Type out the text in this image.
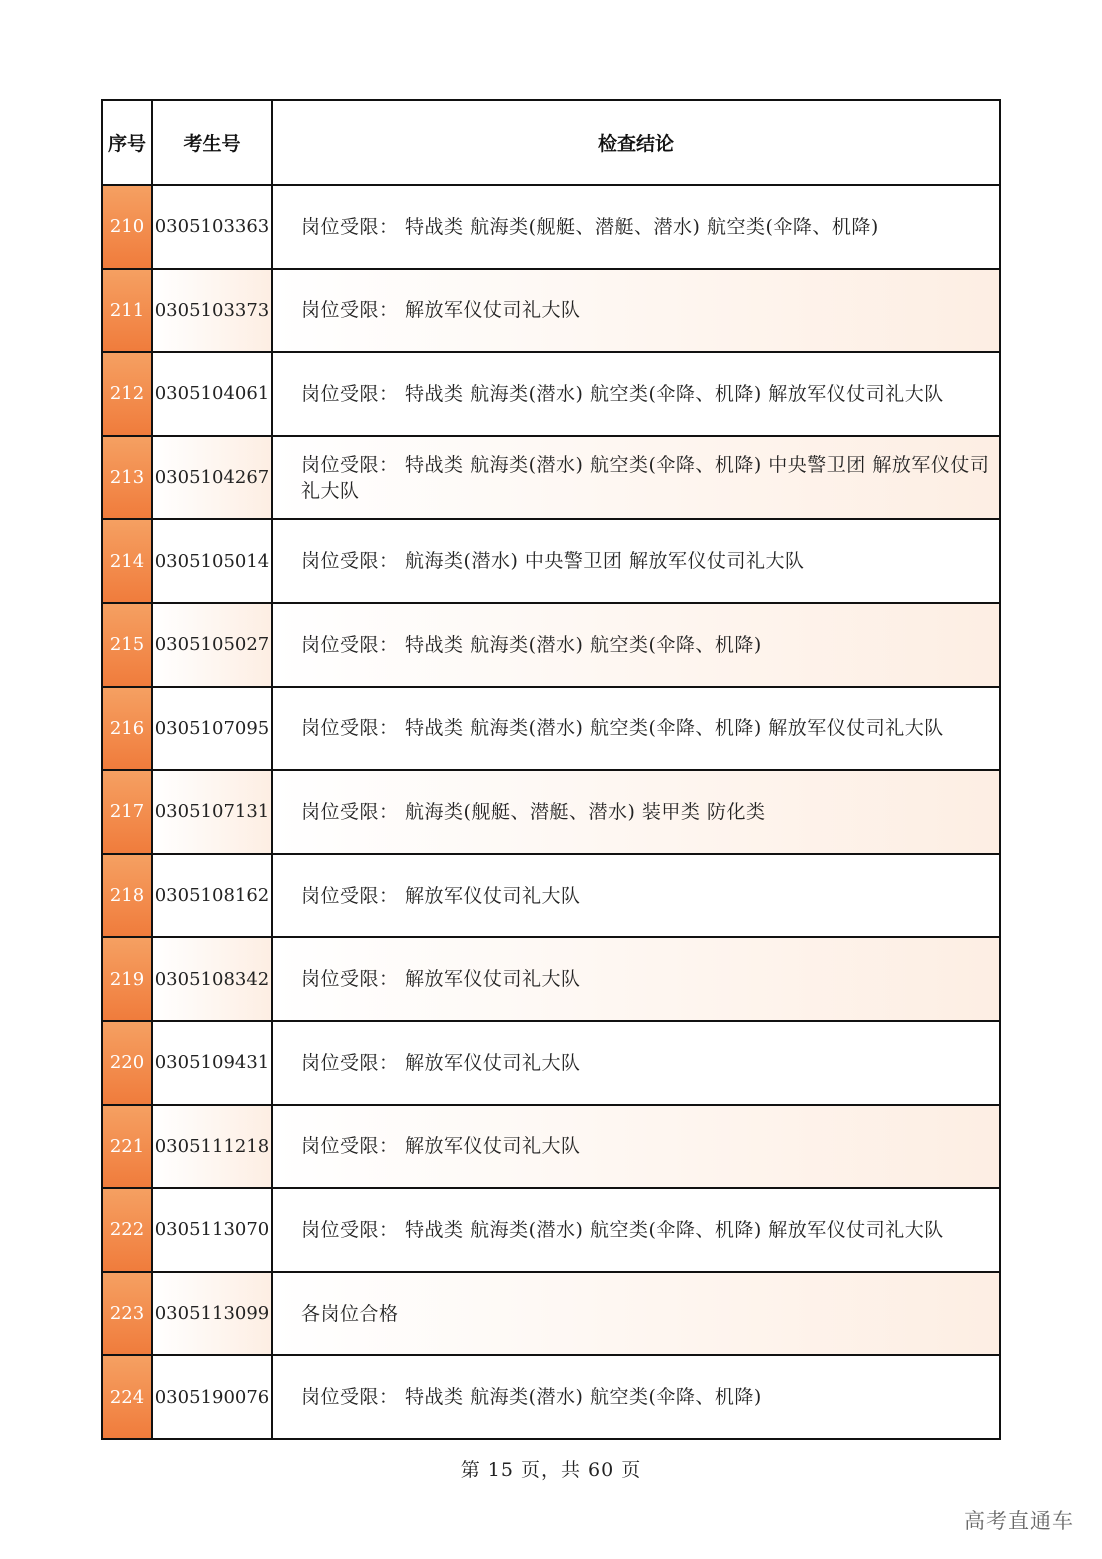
序号	考生号	检查结论
210	0305103363	岗位受限： 特战类 航海类(舰艇、潜艇、潜水) 航空类(伞降、机降)
211	0305103373	岗位受限： 解放军仪仗司礼大队
212	0305104061	岗位受限： 特战类 航海类(潜水) 航空类(伞降、机降) 解放军仪仗司礼大队
213	0305104267	岗位受限： 特战类 航海类(潜水) 航空类(伞降、机降) 中央警卫团 解放军仪仗司礼大队
214	0305105014	岗位受限： 航海类(潜水) 中央警卫团 解放军仪仗司礼大队
215	0305105027	岗位受限： 特战类 航海类(潜水) 航空类(伞降、机降)
216	0305107095	岗位受限： 特战类 航海类(潜水) 航空类(伞降、机降) 解放军仪仗司礼大队
217	0305107131	岗位受限： 航海类(舰艇、潜艇、潜水) 装甲类 防化类
218	0305108162	岗位受限： 解放军仪仗司礼大队
219	0305108342	岗位受限： 解放军仪仗司礼大队
220	0305109431	岗位受限： 解放军仪仗司礼大队
221	0305111218	岗位受限： 解放军仪仗司礼大队
222	0305113070	岗位受限： 特战类 航海类(潜水) 航空类(伞降、机降) 解放军仪仗司礼大队
223	0305113099	各岗位合格
224	0305190076	岗位受限： 特战类 航海类(潜水) 航空类(伞降、机降)
第 15 页，共 60 页
高考直通车
